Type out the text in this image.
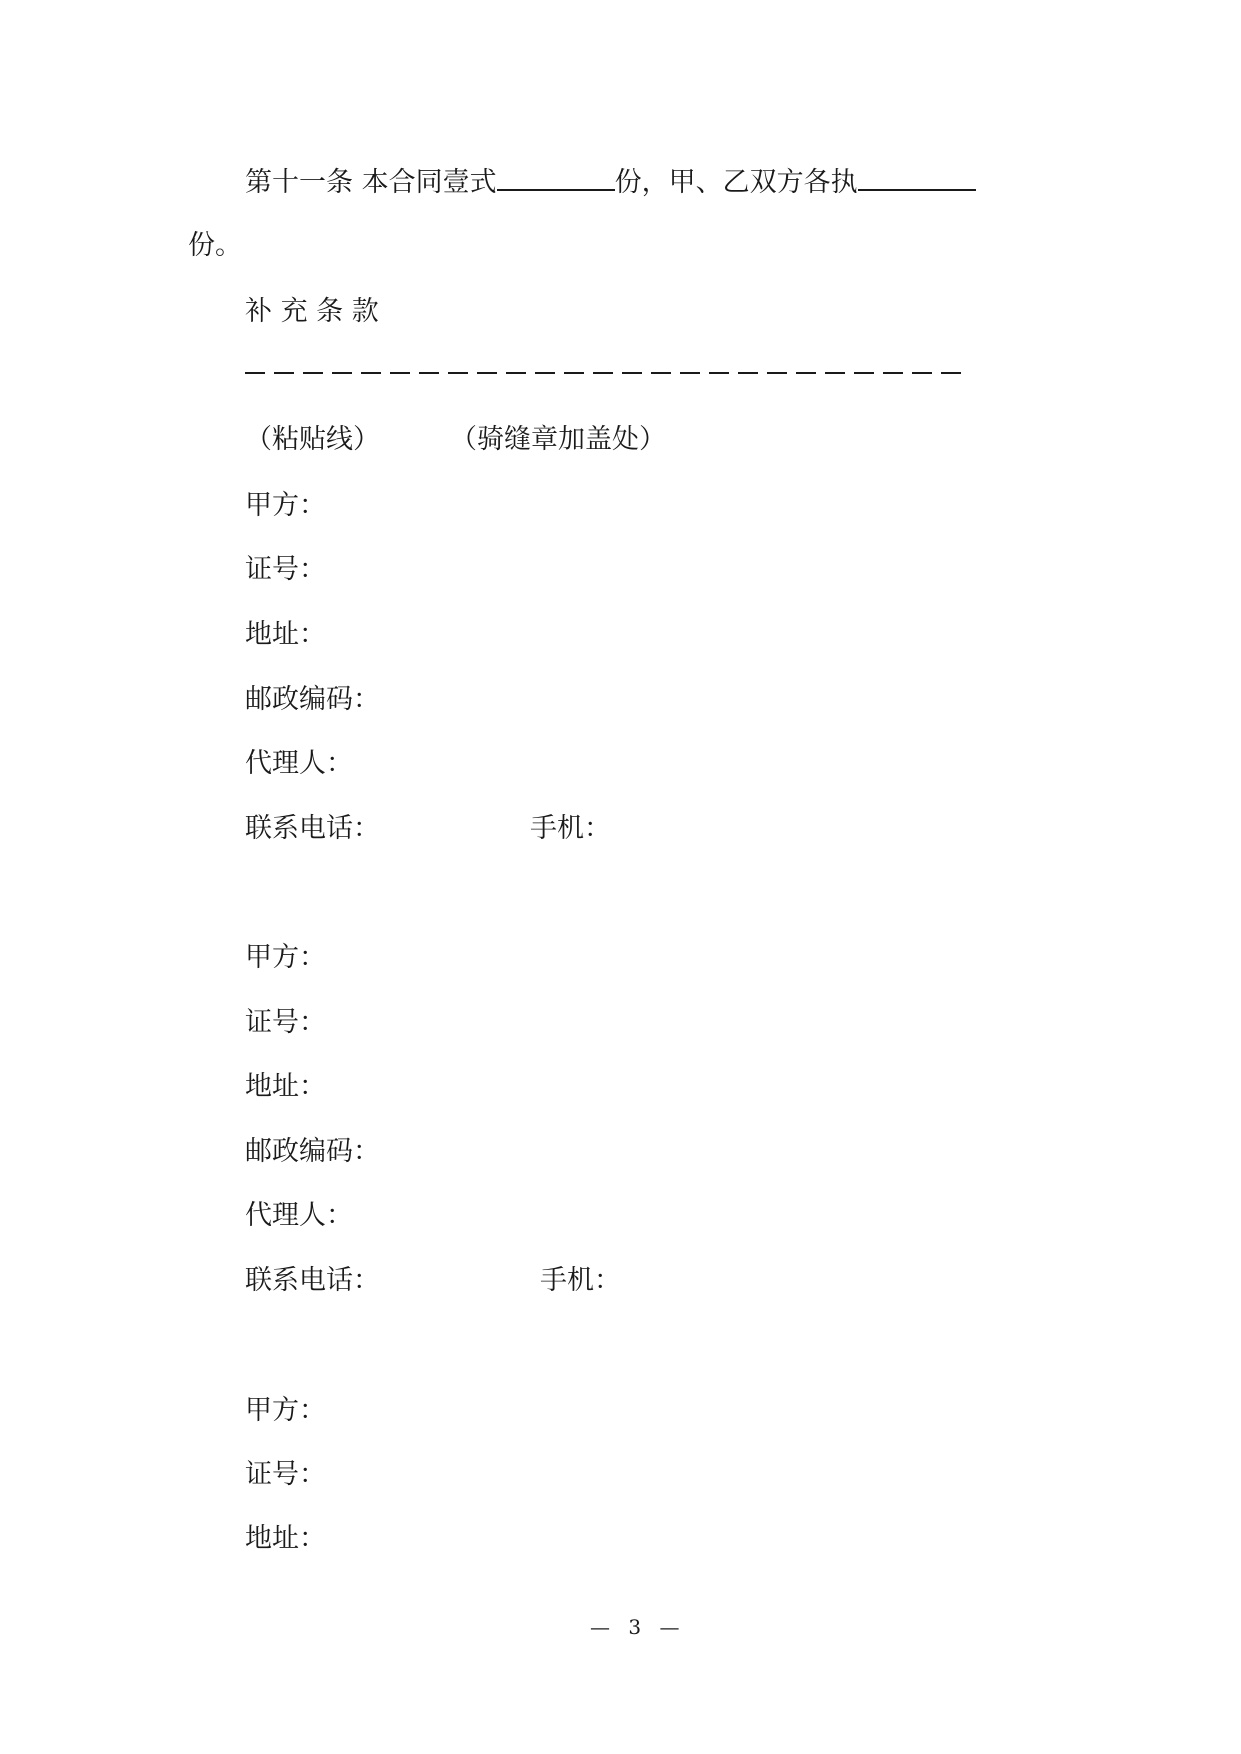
第十一条 本合同壹式	份，甲、乙双方各执
份。
补 充 条 款
（粘贴线）	（骑缝章加盖处）
甲方：
证号：
地址：
邮政编码：
代理人：
联系电话：	手机：
甲方：
证号：
地址：
邮政编码：
代理人：
联系电话：	手机：
甲方：
证号：
地址：
— 3 —
